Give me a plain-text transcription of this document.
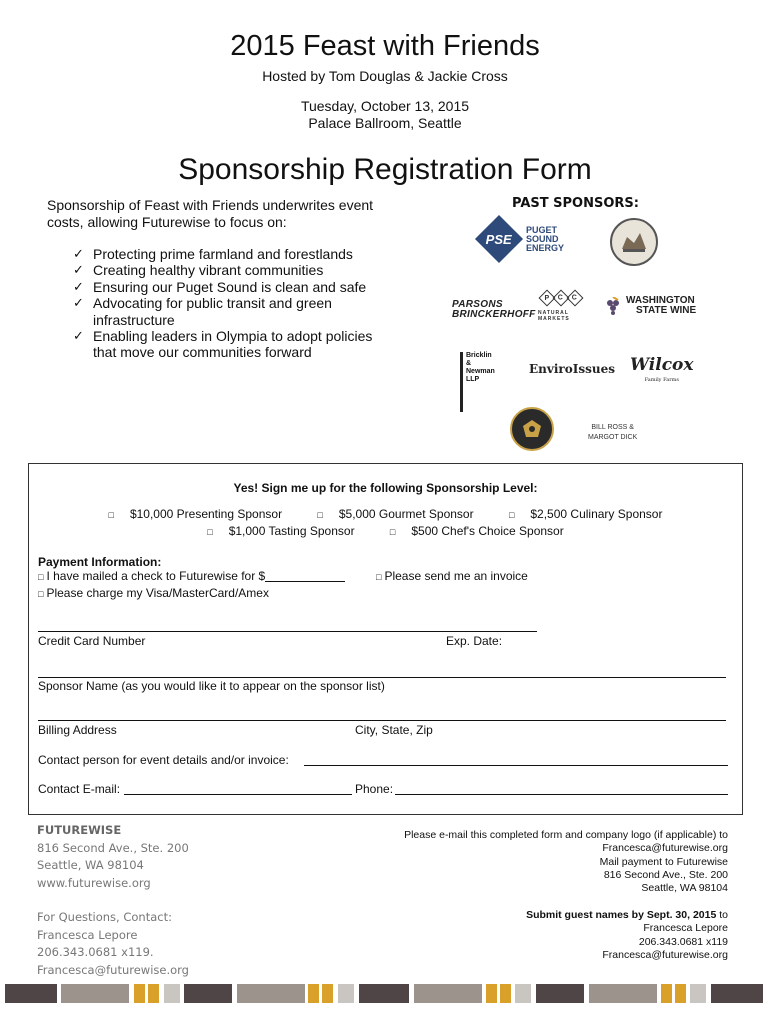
2015 Feast with Friends
Hosted by Tom Douglas & Jackie Cross
Tuesday, October 13, 2015
Palace Ballroom, Seattle
Sponsorship Registration Form
Sponsorship of Feast with Friends underwrites event costs, allowing Futurewise to focus on:
✓ Protecting prime farmland and forestlands
✓ Creating healthy vibrant communities
✓ Ensuring our Puget Sound is clean and safe
✓ Advocating for public transit and green infrastructure
✓ Enabling leaders in Olympia to adopt policies that move our communities forward
PAST SPONSORS:
PSE
PUGET
SOUND
ENERGY
PARSONS
BRINCKERHOFF
P C C
NATURAL MARKETS
WASHINGTON
STATE WINE
Bricklin &
Newman
LLP
EnviroIssues Wilcox
Family Farms
BILL ROSS &
MARGOT DICK
Yes! Sign me up for the following Sponsorship Level:
□ $10,000 Presenting Sponsor	□ $5,000 Gourmet Sponsor	□ $2,500 Culinary Sponsor
□ $1,000 Tasting Sponsor	□ $500 Chef's Choice Sponsor
Payment Information:
□ I have mailed a check to Futurewise for $	□ Please send me an invoice
□ Please charge my Visa/MasterCard/Amex
Credit Card Number	Exp. Date:
Sponsor Name (as you would like it to appear on the sponsor list)
Billing Address	City, State, Zip
Contact person for event details and/or invoice:
Contact E-mail:	Phone:
FUTUREWISE
816 Second Ave., Ste. 200
Seattle, WA 98104
www.futurewise.org
For Questions, Contact:
Francesca Lepore
206.343.0681 x119.
Francesca@futurewise.org
Please e-mail this completed form and company logo (if applicable) to
Francesca@futurewise.org
Mail payment to Futurewise
816 Second Ave., Ste. 200
Seattle, WA 98104
Submit guest names by Sept. 30, 2015 to
Francesca Lepore
206.343.0681 x119
Francesca@futurewise.org
